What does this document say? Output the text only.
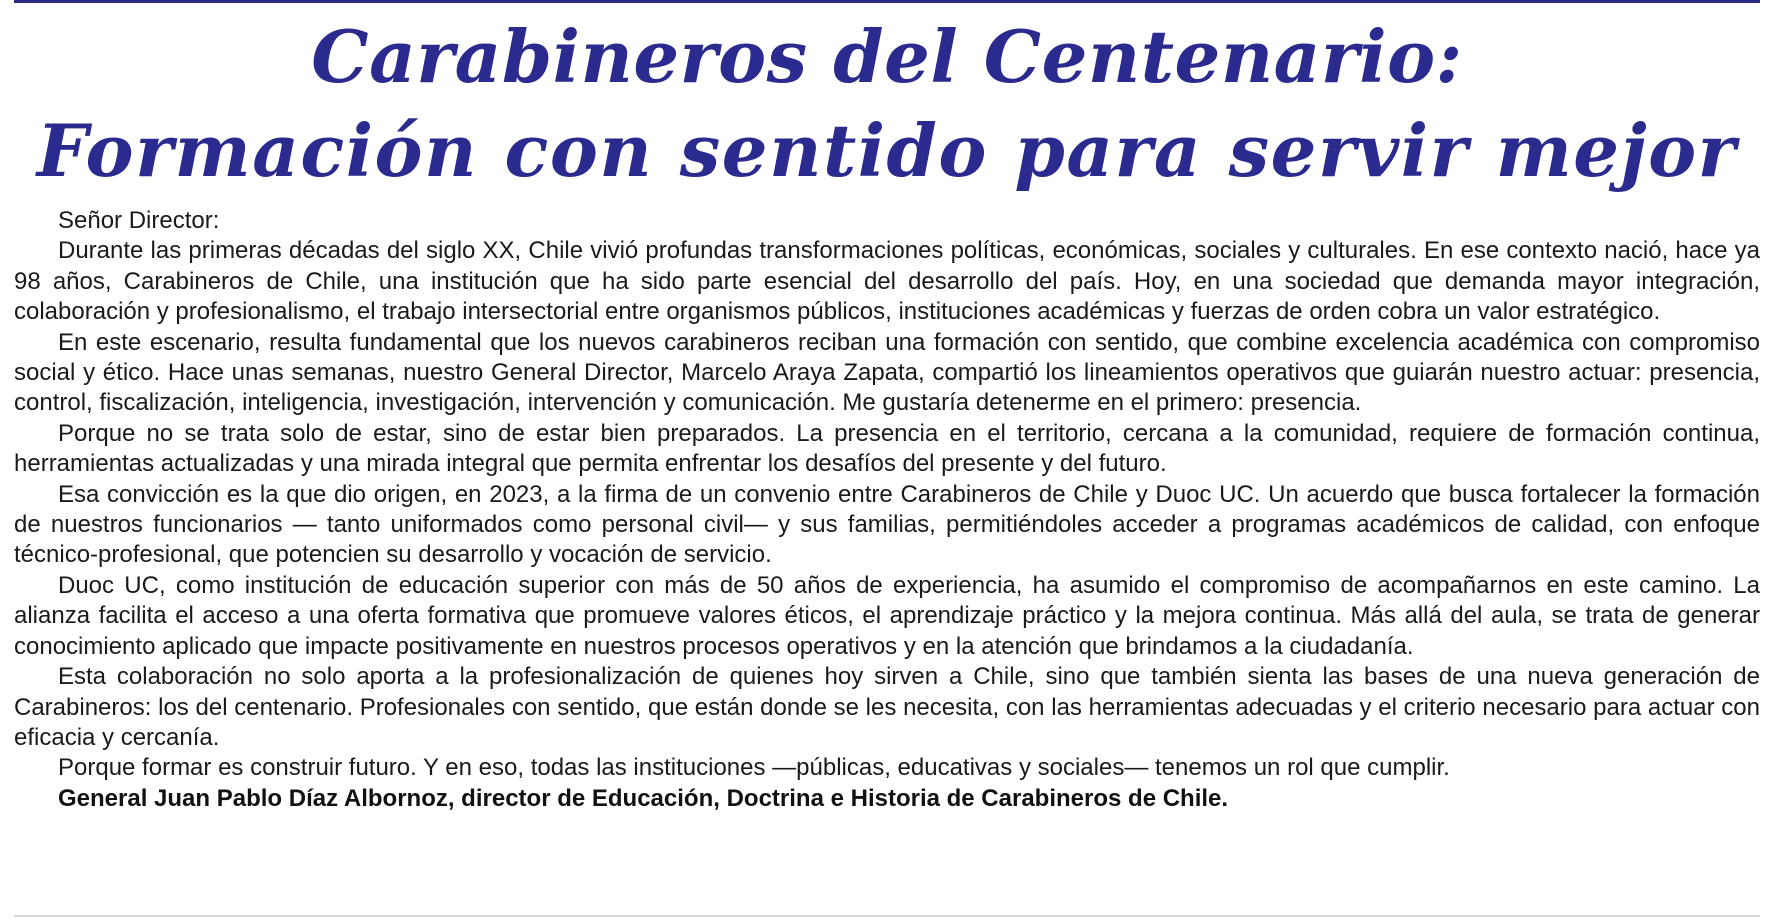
Carabineros del Centenario:
Formación con sentido para servir mejor

Señor Director:

Durante las primeras décadas del siglo XX, Chile vivió profundas transformaciones políticas, económicas, sociales y culturales. En ese contexto nació, hace ya 98 años, Carabineros de Chile, una institución que ha sido parte esencial del desarrollo del país. Hoy, en una sociedad que demanda mayor integración, colaboración y profesionalismo, el trabajo intersectorial entre organismos públicos, instituciones académicas y fuerzas de orden cobra un valor estratégico.

En este escenario, resulta fundamental que los nuevos carabineros reciban una formación con sentido, que combine excelencia académica con compromiso social y ético. Hace unas semanas, nuestro General Director, Marcelo Araya Zapata, compartió los lineamientos operativos que guiarán nuestro actuar: presencia, control, fiscalización, inteligencia, investigación, intervención y comunicación. Me gustaría detenerme en el primero: presencia.

Porque no se trata solo de estar, sino de estar bien preparados. La presencia en el territorio, cercana a la comunidad, requiere de formación continua, herramientas actualizadas y una mirada integral que permita enfrentar los desafíos del presente y del futuro.

Esa convicción es la que dio origen, en 2023, a la firma de un convenio entre Carabineros de Chile y Duoc UC. Un acuerdo que busca fortalecer la formación de nuestros funcionarios — tanto uniformados como personal civil— y sus familias, permitiéndoles acceder a programas académicos de calidad, con enfoque técnico-profesional, que potencien su desarrollo y vocación de servicio.

Duoc UC, como institución de educación superior con más de 50 años de experiencia, ha asumido el compromiso de acompañarnos en este camino. La alianza facilita el acceso a una oferta formativa que promueve valores éticos, el aprendizaje práctico y la mejora continua. Más allá del aula, se trata de generar conocimiento aplicado que impacte positivamente en nuestros procesos operativos y en la atención que brindamos a la ciudadanía.

Esta colaboración no solo aporta a la profesionalización de quienes hoy sirven a Chile, sino que también sienta las bases de una nueva generación de Carabineros: los del centenario. Profesionales con sentido, que están donde se les necesita, con las herramientas adecuadas y el criterio necesario para actuar con eficacia y cercanía.

Porque formar es construir futuro. Y en eso, todas las instituciones —públicas, educativas y sociales— tenemos un rol que cumplir.

General Juan Pablo Díaz Albornoz, director de Educación, Doctrina e Historia de Carabineros de Chile.
